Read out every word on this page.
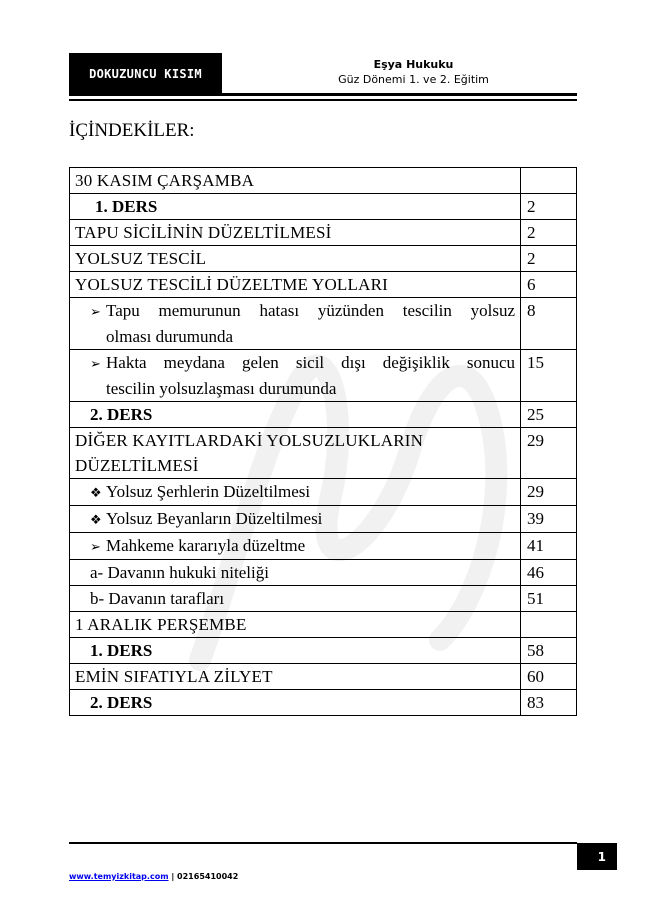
DOKUZUNCU KISIM
Eşya Hukuku
Güz Dönemi 1. ve 2. Eğitim
İÇİNDEKİLER:
30 KASIM ÇARŞAMBA	
1. DERS	2
TAPU SİCİLİNİN DÜZELTİLMESİ	2
YOLSUZ TESCİL	2
YOLSUZ TESCİLİ DÜZELTME YOLLARI	6

➢ Tapu memurunun hatası yüzünden tescilin yolsuz
olması durumunda	8

➢ Hakta meydana gelen sicil dışı değişiklik sonucu
tescilin yolsuzlaşması durumunda	15
2. DERS	25

DİĞER KAYITLARDAKİ YOLSUZLUKLARIN
DÜZELTİLMESİ	29
❖ Yolsuz Şerhlerin Düzeltilmesi	29
❖ Yolsuz Beyanların Düzeltilmesi	39
➢ Mahkeme kararıyla düzeltme	41
a- Davanın hukuki niteliği	46
b- Davanın tarafları	51
1 ARALIK PERŞEMBE	
1. DERS	58
EMİN SIFATIYLA ZİLYET	60
2. DERS	83
1
www.temyizkitap.com | 02165410042
